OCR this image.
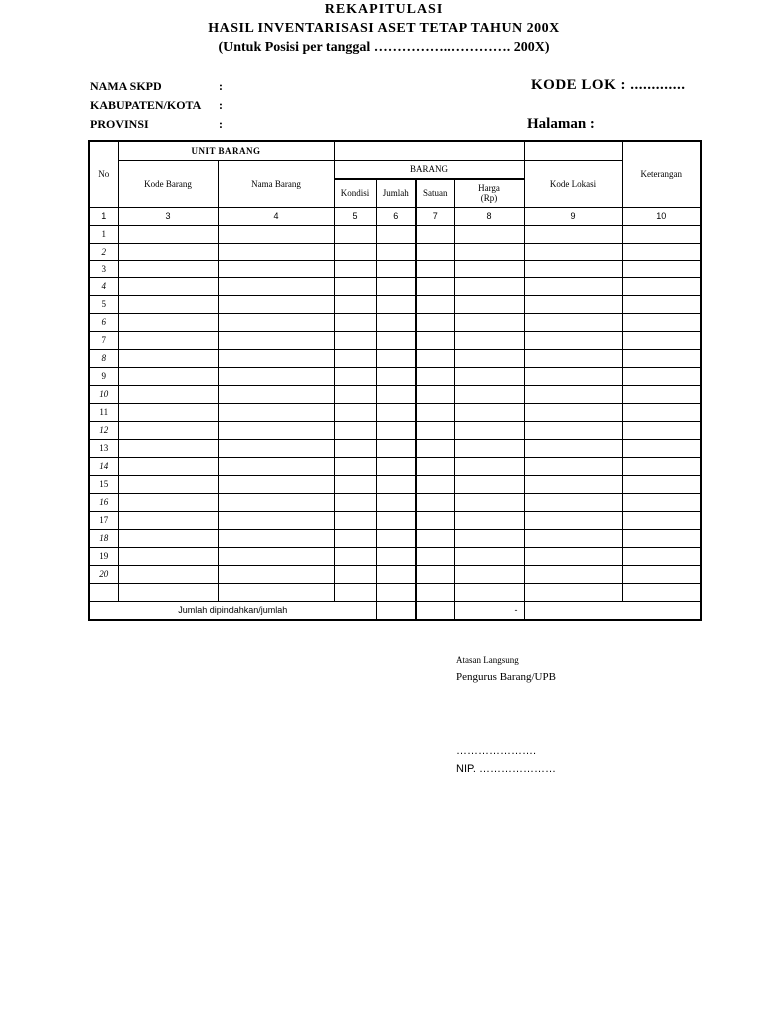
REKAPITULASI
HASIL INVENTARISASI ASET TETAP TAHUN 200X
(Untuk Posisi per tanggal ……………..…………. 200X)
NAMA SKPD	:
KABUPATEN/KOTA :
PROVINSI	:
KODE LOK : .............
Halaman :
No	UNIT BARANG							Keterangan
	Kode Barang	Nama Barang	BARANG				Kode Lokasi	
			Kondisi	Jumlah	Satuan	Harga
(Rp)		
1	3	4	5	6	7	8	9	10
1								
2								
3								
4								
5								
6								
7								
8								
9								
10								
11								
12								
13								
14								
15								
16								
17								
18								
19								
20								

Jumlah dipindahkan/jumlah						-		
Atasan Langsung
Pengurus Barang/UPB
………………….
NIP. …………………
